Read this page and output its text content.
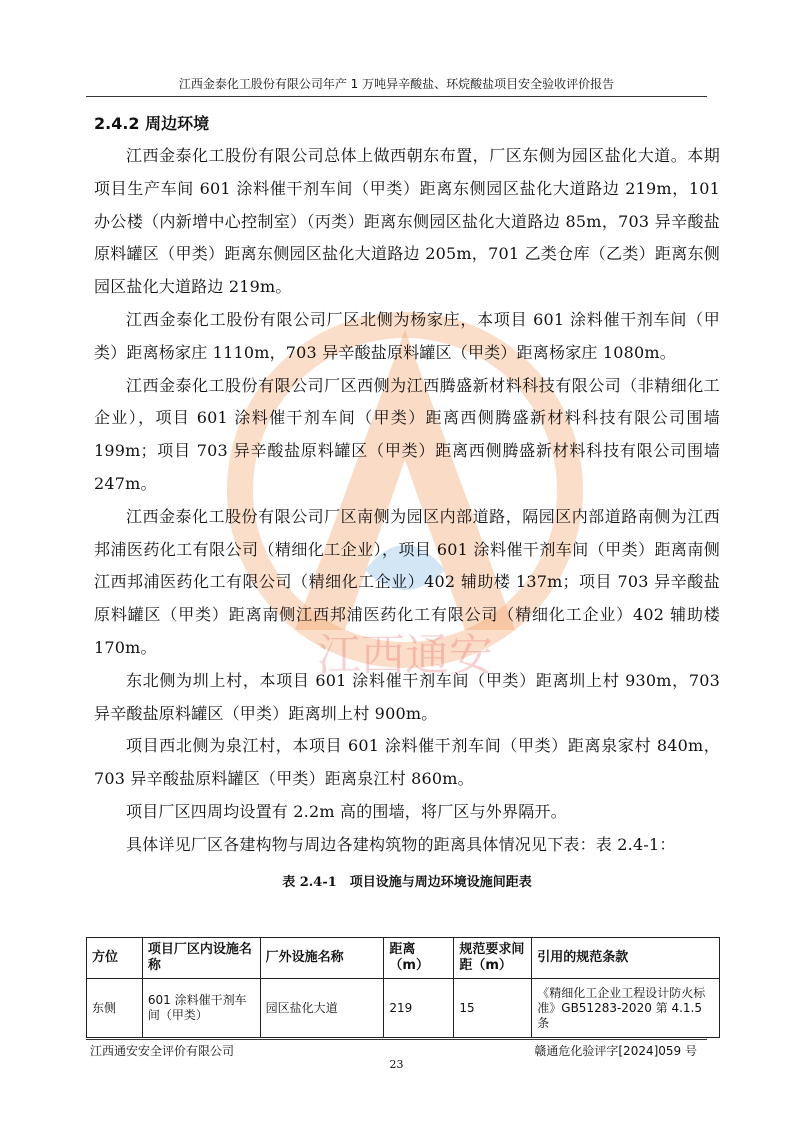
江西通安
江西金泰化工股份有限公司年产 1 万吨异辛酸盐、环烷酸盐项目安全验收评价报告
2.4.2 周边环境

江西金泰化工股份有限公司总体上做西朝东布置，厂区东侧为园区盐化大道。本期项目生产车间 601 涂料催干剂车间（甲类）距离东侧园区盐化大道路边 219m，101 办公楼（内新增中心控制室）（丙类）距离东侧园区盐化大道路边 85m，703 异辛酸盐原料罐区（甲类）距离东侧园区盐化大道路边 205m，701 乙类仓库（乙类）距离东侧园区盐化大道路边 219m。

江西金泰化工股份有限公司厂区北侧为杨家庄，本项目 601 涂料催干剂车间（甲类）距离杨家庄 1110m，703 异辛酸盐原料罐区（甲类）距离杨家庄 1080m。

江西金泰化工股份有限公司厂区西侧为江西腾盛新材料科技有限公司（非精细化工企业），项目 601 涂料催干剂车间（甲类）距离西侧腾盛新材料科技有限公司围墙 199m；项目 703 异辛酸盐原料罐区（甲类）距离西侧腾盛新材料科技有限公司围墙 247m。

江西金泰化工股份有限公司厂区南侧为园区内部道路，隔园区内部道路南侧为江西邦浦医药化工有限公司（精细化工企业），项目 601 涂料催干剂车间（甲类）距离南侧江西邦浦医药化工有限公司（精细化工企业）402 辅助楼 137m；项目 703 异辛酸盐原料罐区（甲类）距离南侧江西邦浦医药化工有限公司（精细化工企业）402 辅助楼 170m。

东北侧为圳上村，本项目 601 涂料催干剂车间（甲类）距离圳上村 930m，703 异辛酸盐原料罐区（甲类）距离圳上村 900m。

项目西北侧为泉江村，本项目 601 涂料催干剂车间（甲类）距离泉家村 840m，703 异辛酸盐原料罐区（甲类）距离泉江村 860m。

项目厂区四周均设置有 2.2m 高的围墙，将厂区与外界隔开。

具体详见厂区各建构物与周边各建构筑物的距离具体情况见下表：表 2.4-1：

表 2.4-1　项目设施与周边环境设施间距表
方位	项目厂区内设施名称	厂外设施名称	距离（m）	规范要求间距（m）	引用的规范条款
东侧	601 涂料催干剂车间（甲类）	园区盐化大道	219	15	《精细化工企业工程设计防火标准》GB51283-2020 第 4.1.5 条
江西通安安全评价有限公司	赣通危化验评字[2024]059 号
23
